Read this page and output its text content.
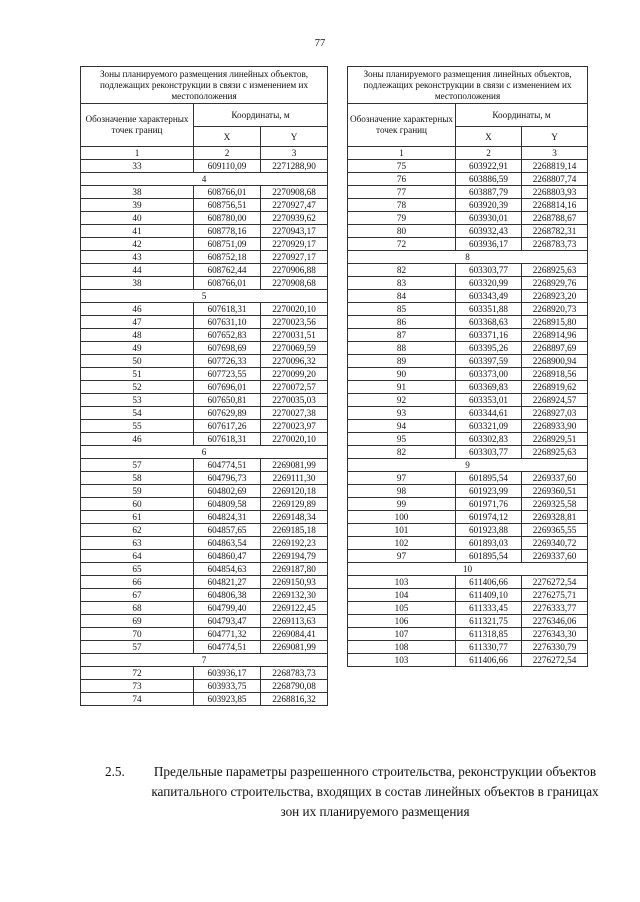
77
Зоны планируемого размещения линейных объектов, подлежащих реконструкции в связи с изменением их местоположения		
Обозначение характерных точек границ	Координаты, м	
	X	Y
1	2	3
33	609110,09	2271288,90
4		
38	608766,01	2270908,68
39	608756,51	2270927,47
40	608780,00	2270939,62
41	608778,16	2270943,17
42	608751,09	2270929,17
43	608752,18	2270927,17
44	608762,44	2270906,88
38	608766,01	2270908,68
5		
46	607618,31	2270020,10
47	607631,10	2270023,56
48	607652,83	2270031,51
49	607698,69	2270069,59
50	607726,33	2270096,32
51	607723,55	2270099,20
52	607696,01	2270072,57
53	607650,81	2270035,03
54	607629,89	2270027,38
55	607617,26	2270023,97
46	607618,31	2270020,10
6		
57	604774,51	2269081,99
58	604796,73	2269111,30
59	604802,69	2269120,18
60	604809,58	2269129,89
61	604824,31	2269148,34
62	604857,65	2269185,18
63	604863,54	2269192,23
64	604860,47	2269194,79
65	604854,63	2269187,80
66	604821,27	2269150,93
67	604806,38	2269132,30
68	604799,40	2269122,45
69	604793,47	2269113,63
70	604771,32	2269084,41
57	604774,51	2269081,99
7		
72	603936,17	2268783,73
73	603933,75	2268790,08
74	603923,85	2268816,32
Зоны планируемого размещения линейных объектов, подлежащих реконструкции в связи с изменением их местоположения		
Обозначение характерных точек границ	Координаты, м	
	X	Y
1	2	3
75	603922,91	2268819,14
76	603886,59	2268807,74
77	603887,79	2268803,93
78	603920,39	2268814,16
79	603930,01	2268788,67
80	603932,43	2268782,31
72	603936,17	2268783,73
8		
82	603303,77	2268925,63
83	603320,99	2268929,76
84	603343,49	2268923,20
85	603351,88	2268920,73
86	603368,63	2268915,80
87	603371,16	2268914,96
88	603395,26	2268897,69
89	603397,59	2268900,94
90	603373,00	2268918,56
91	603369,83	2268919,62
92	603353,01	2268924,57
93	603344,61	2268927,03
94	603321,09	2268933,90
95	603302,83	2268929,51
82	603303,77	2268925,63
9		
97	601895,54	2269337,60
98	601923,99	2269360,51
99	601971,76	2269325,58
100	601974,12	2269328,81
101	601923,88	2269365,55
102	601893,03	2269340,72
97	601895,54	2269337,60
10		
103	611406,66	2276272,54
104	611409,10	2276275,71
105	611333,45	2276333,77
106	611321,75	2276346,06
107	611318,85	2276343,30
108	611330,77	2276330,79
103	611406,66	2276272,54
2.5.	Предельные параметры разрешенного строительства, реконструкции объектов капитального строительства, входящих в состав линейных объектов в границах зон их планируемого размещения
